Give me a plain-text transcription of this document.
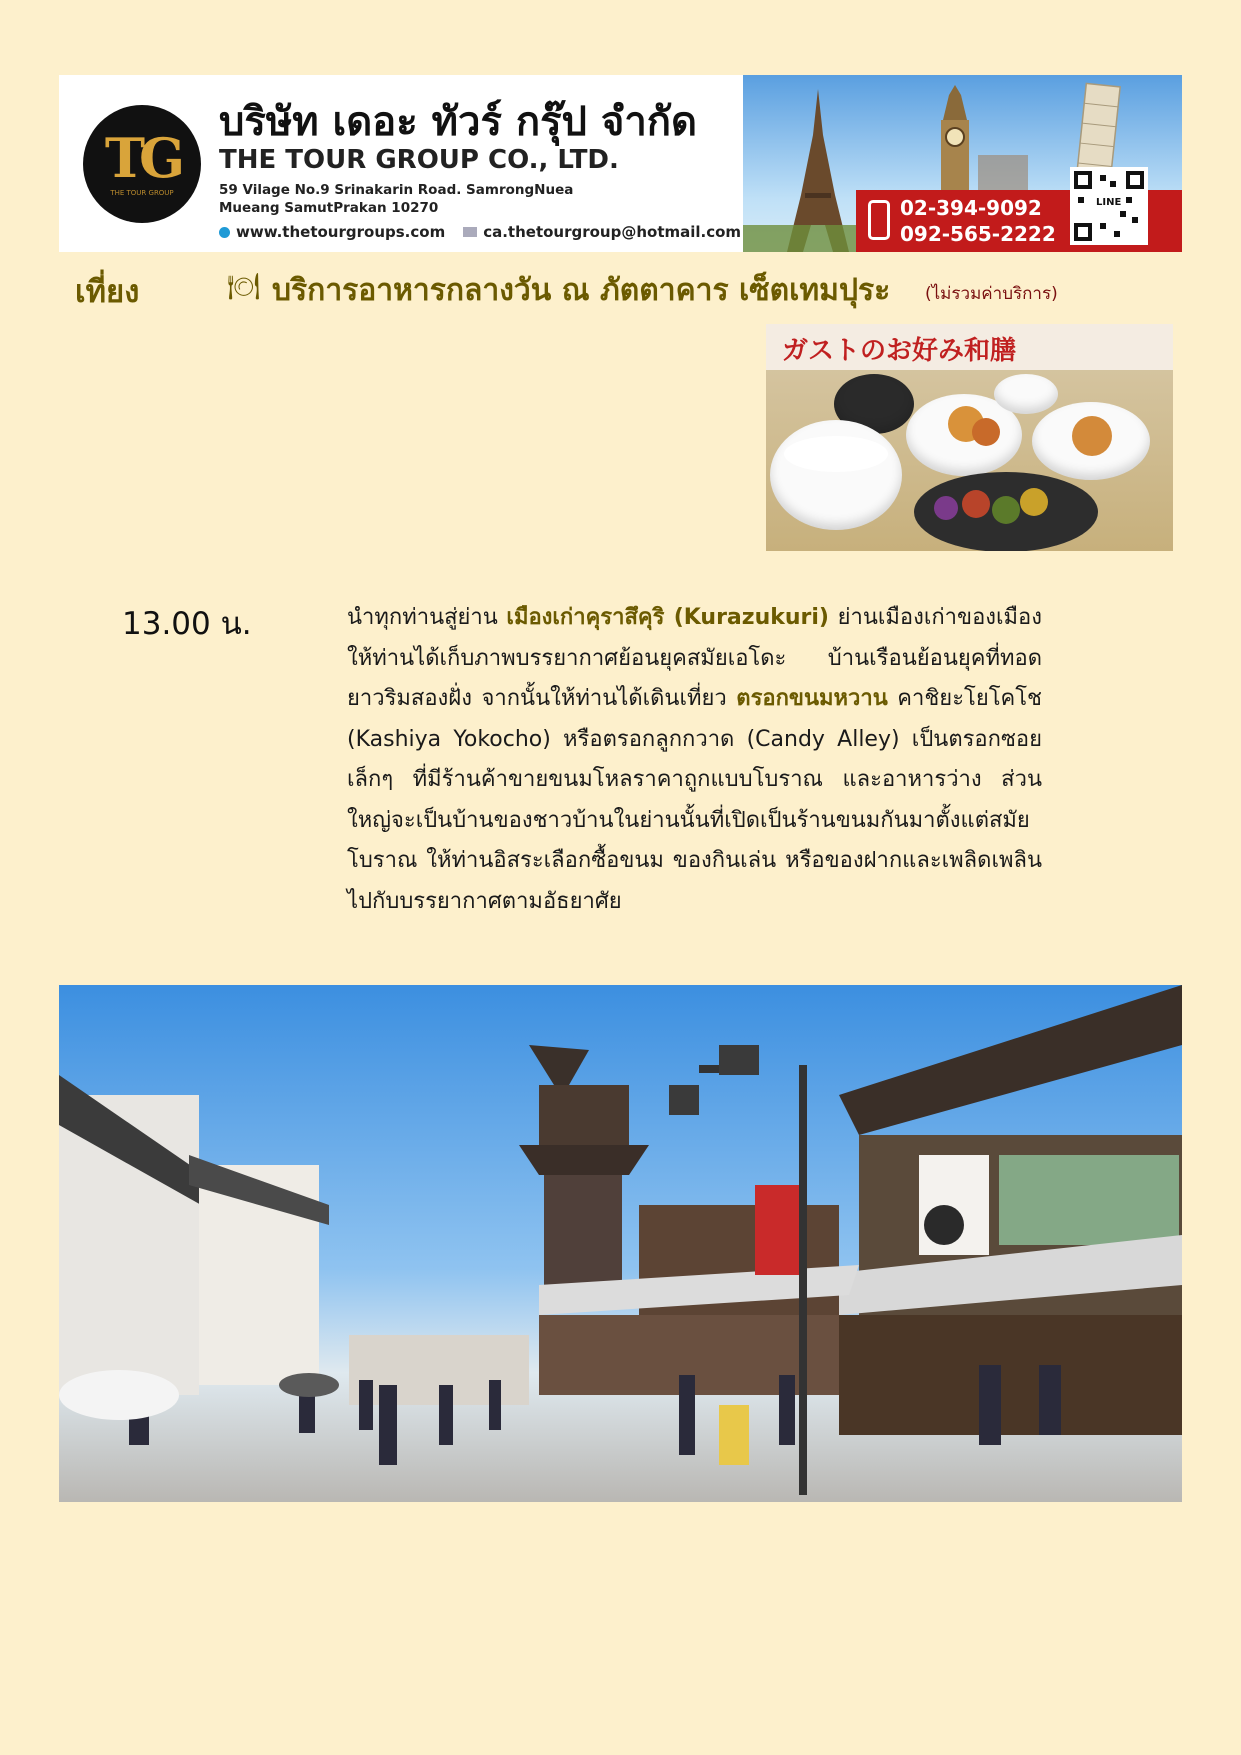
TG
THE TOUR GROUP
บริษัท เดอะ ทัวร์ กรุ๊ป จำกัด
THE TOUR GROUP CO., LTD.
59 Vilage No.9 Srinakarin Road. SamrongNuea
Mueang SamutPrakan 10270
www.thetourgroups.com	ca.thetourgroup@hotmail.com
02-394-9092
092-565-2222
LINE
เที่ยง	🍽 บริการอาหารกลางวัน ณ ภัตตาคาร เซ็ตเทมปุระ (ไม่รวมค่าบริการ)
ガストのお好み和膳
13.00 น.	นำทุกท่านสู่ย่าน เมืองเก่าคุราสึคุริ (Kurazukuri) ย่านเมืองเก่าของเมือง ให้ท่านได้เก็บภาพบรรยากาศย้อนยุคสมัยเอโดะ บ้านเรือนย้อนยุคที่ทอดยาวริมสองฝั่ง จากนั้นให้ท่านได้เดินเที่ยว ตรอกขนมหวาน คาชิยะโยโคโช (Kashiya Yokocho) หรือตรอกลูกกวาด (Candy Alley) เป็นตรอกซอยเล็กๆ ที่มีร้านค้าขายขนมโหลราคาถูกแบบโบราณ และอาหารว่าง ส่วนใหญ่จะเป็นบ้านของชาวบ้านในย่านนั้นที่เปิดเป็นร้านขนมกันมาตั้งแต่สมัยโบราณ ให้ท่านอิสระเลือกซื้อขนม ของกินเล่น หรือของฝากและเพลิดเพลินไปกับบรรยากาศตามอัธยาศัย
